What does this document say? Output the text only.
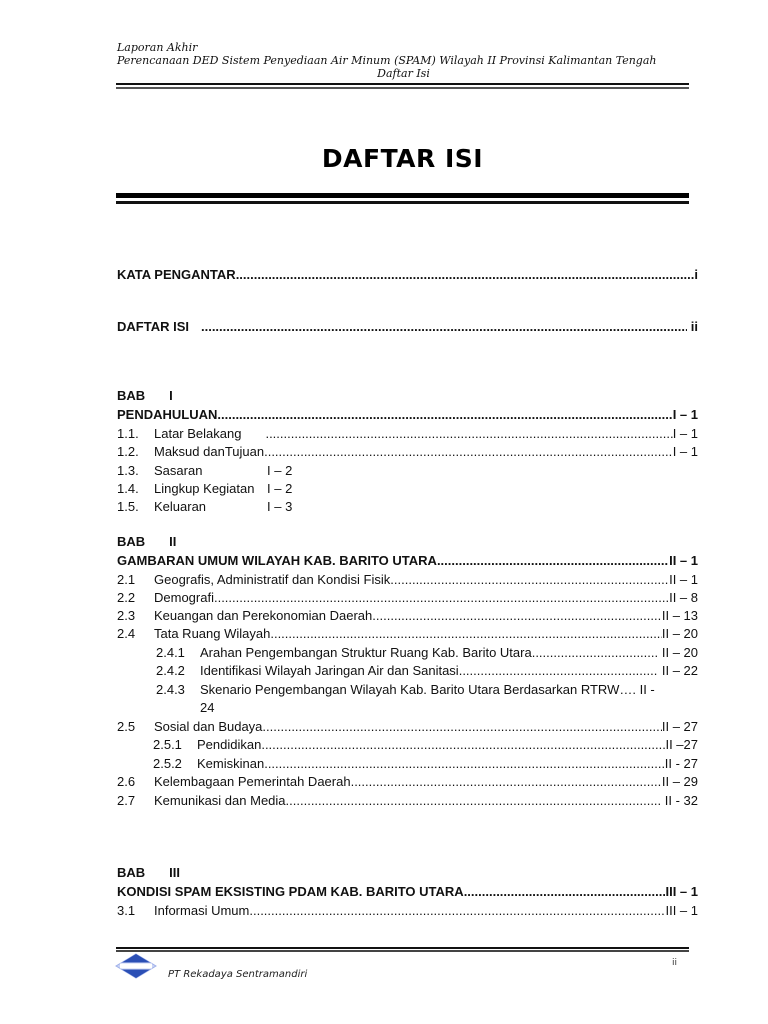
Laporan Akhir
Perencanaan DED Sistem Penyediaan Air Minum (SPAM) Wilayah II Provinsi Kalimantan Tengah
Daftar Isi
DAFTAR ISI
KATA PENGANTAR .....	i
DAFTAR ISI .....	ii
BAB I
PENDAHULUAN .....	I – 1
1.1. Latar Belakang .....	I – 1
1.2. Maksud danTujuan .....	I – 1
1.3. Sasaran	I – 2
1.4. Lingkup Kegiatan I – 2
1.5. Keluaran	I – 3
BAB II
GAMBARAN UMUM WILAYAH KAB. BARITO UTARA .....	II – 1
2.1 Geografis, Administratif dan Kondisi Fisik .....	II – 1
2.2 Demografi .....	II – 8
2.3 Keuangan dan Perekonomian Daerah .....	II – 13
2.4 Tata Ruang Wilayah .....	II – 20
2.4.1 Arahan Pengembangan Struktur Ruang Kab. Barito Utara .....	II – 20
2.4.2 Identifikasi Wilayah Jaringan Air dan Sanitasi .....	II – 22
2.4.3 Skenario Pengembangan Wilayah Kab. Barito Utara Berdasarkan RTRW…. II -
24
2.5 Sosial dan Budaya .....	II – 27
2.5.1 Pendidikan .....	II –27
2.5.2 Kemiskinan .....	II - 27
2.6 Kelembagaan Pemerintah Daerah .....	II – 29
2.7 Kemunikasi dan Media .....	II - 32
BAB III
KONDISI SPAM EKSISTING PDAM KAB. BARITO UTARA .....	III – 1
3.1 Informasi Umum .....	III – 1
PT Rekadaya Sentramandiri
ii
